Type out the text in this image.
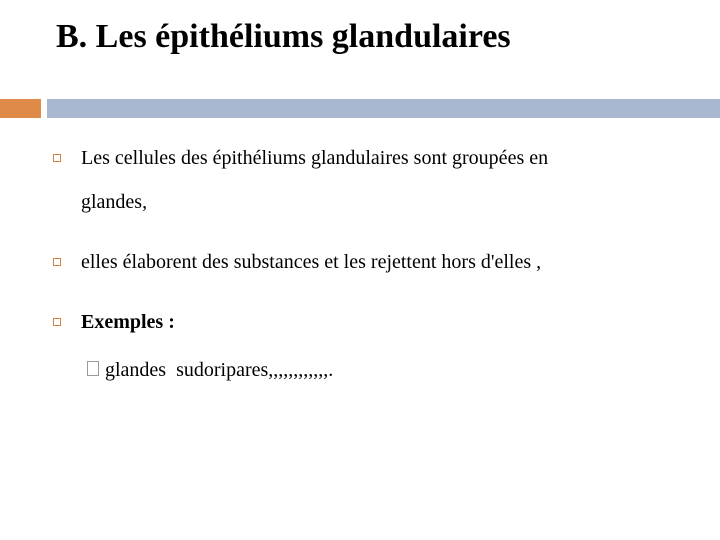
B. Les épithéliums glandulaires
Les cellules des épithéliums glandulaires sont groupées en
glandes,
elles élaborent des substances et les rejettent hors d'elles ,
Exemples :
glandes  sudoripares,,,,,,,,,,,,.
